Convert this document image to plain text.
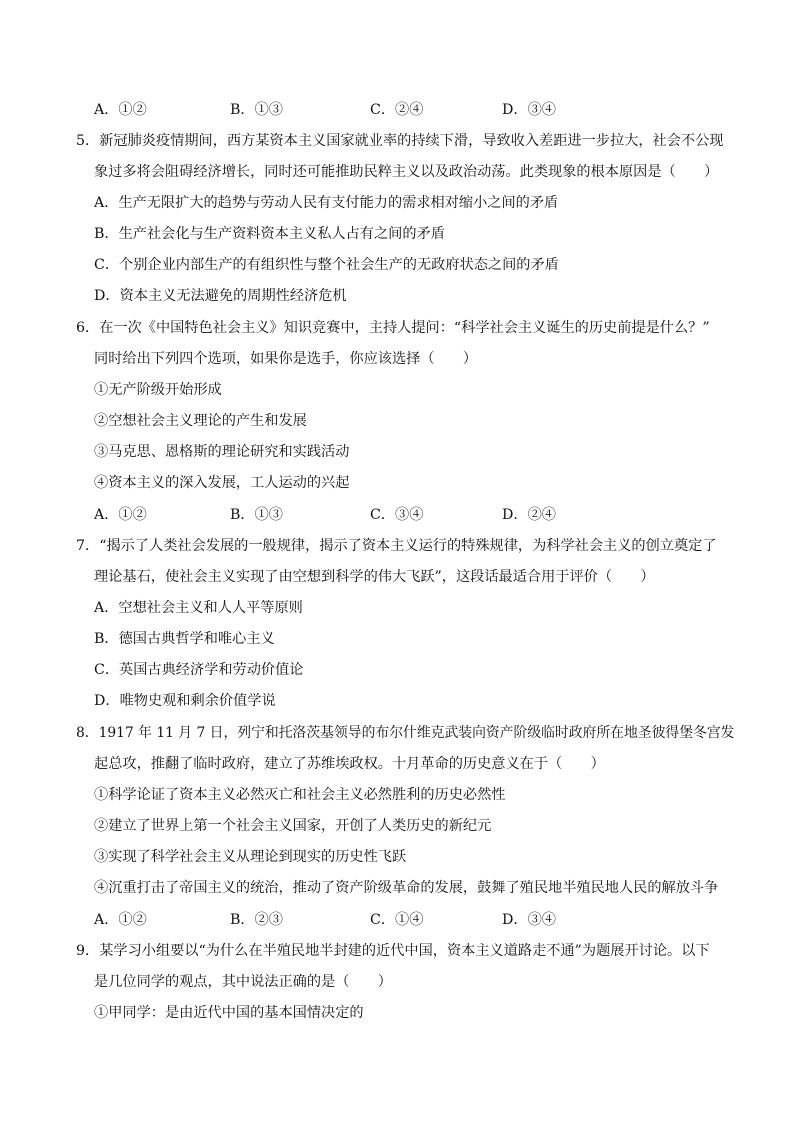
A．①②	B．①③	C．②④	D．③④
5．新冠肺炎疫情期间，西方某资本主义国家就业率的持续下滑，导致收入差距进一步拉大，社会不公现
象过多将会阻碍经济增长，同时还可能推助民粹主义以及政治动荡。此类现象的根本原因是（　　）
A．生产无限扩大的趋势与劳动人民有支付能力的需求相对缩小之间的矛盾
B．生产社会化与生产资料资本主义私人占有之间的矛盾
C．个别企业内部生产的有组织性与整个社会生产的无政府状态之间的矛盾
D．资本主义无法避免的周期性经济危机
6．在一次《中国特色社会主义》知识竞赛中，主持人提问：“科学社会主义诞生的历史前提是什么？”
同时给出下列四个选项，如果你是选手，你应该选择（　　）
①无产阶级开始形成
②空想社会主义理论的产生和发展
③马克思、恩格斯的理论研究和实践活动
④资本主义的深入发展，工人运动的兴起
A．①②	B．①③	C．③④	D．②④
7．“揭示了人类社会发展的一般规律，揭示了资本主义运行的特殊规律，为科学社会主义的创立奠定了
理论基石，使社会主义实现了由空想到科学的伟大飞跃”，这段话最适合用于评价（　　）
A．空想社会主义和人人平等原则
B．德国古典哲学和唯心主义
C．英国古典经济学和劳动价值论
D．唯物史观和剩余价值学说
8．1917 年 11 月 7 日，列宁和托洛茨基领导的布尔什维克武装向资产阶级临时政府所在地圣彼得堡冬宫发
起总攻，推翻了临时政府，建立了苏维埃政权。十月革命的历史意义在于（　　）
①科学论证了资本主义必然灭亡和社会主义必然胜利的历史必然性
②建立了世界上第一个社会主义国家，开创了人类历史的新纪元
③实现了科学社会主义从理论到现实的历史性飞跃
④沉重打击了帝国主义的统治，推动了资产阶级革命的发展，鼓舞了殖民地半殖民地人民的解放斗争
A．①②	B．②③	C．①④	D．③④
9．某学习小组要以“为什么在半殖民地半封建的近代中国，资本主义道路走不通”为题展开讨论。以下
是几位同学的观点，其中说法正确的是（　　）
①甲同学：是由近代中国的基本国情决定的
